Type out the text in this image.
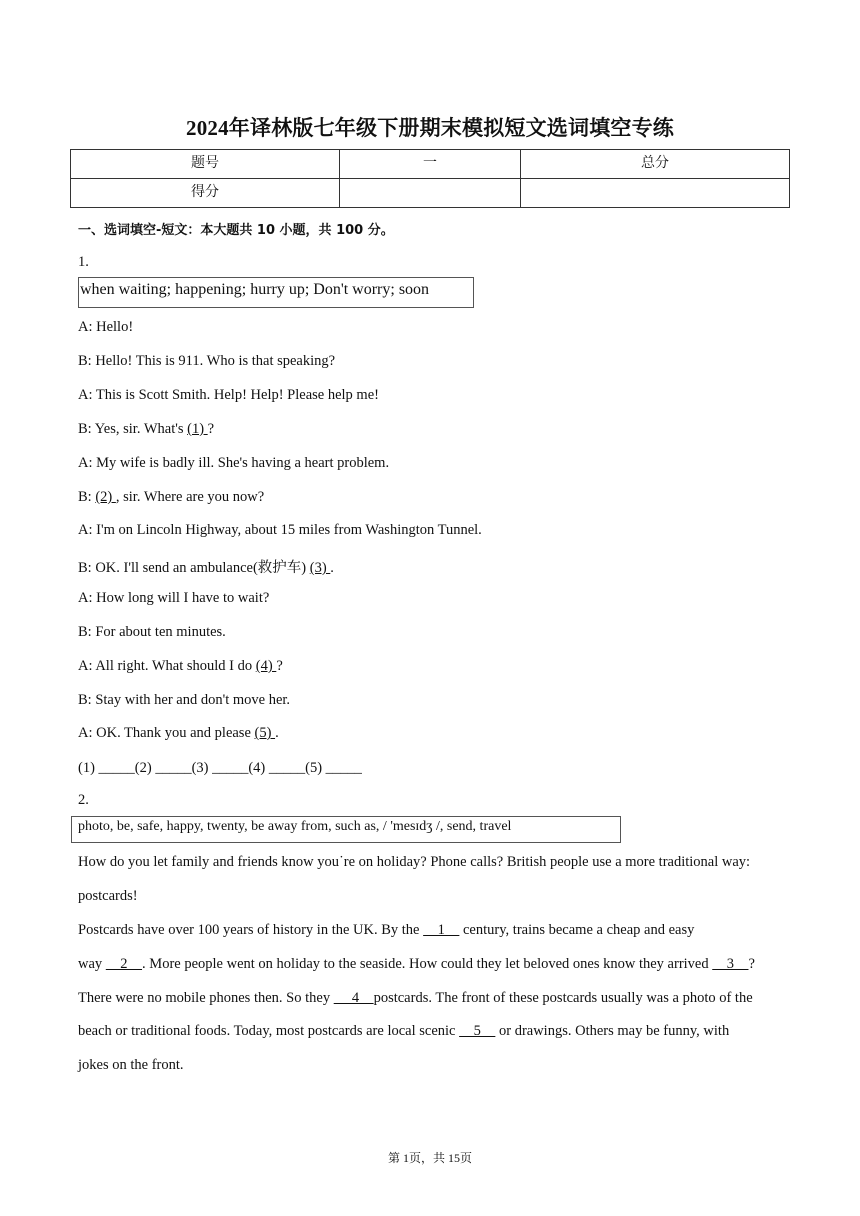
2024年译林版七年级下册期末模拟短文选词填空专练
题号	一	总分
得分		
一、选词填空-短文：本大题共 10 小题，共 100 分。
1.
when waiting; happening; hurry up; Don't worry; soon
A: Hello!
B: Hello! This is 911. Who is that speaking?
A: This is Scott Smith. Help! Help! Please help me!
B: Yes, sir. What's (1) ?
A: My wife is badly ill. She's having a heart problem.
B: (2) , sir. Where are you now?
A: I'm on Lincoln Highway, about 15 miles from Washington Tunnel.
B: OK. I'll send an ambulance(救护车) (3) .
A: How long will I have to wait?
B: For about ten minutes.
A: All right. What should I do (4) ?
B: Stay with her and don't move her.
A: OK. Thank you and please (5) .
(1) _____(2) _____(3) _____(4) _____(5) _____
2.
photo, be, safe, happy, twenty, be away from, such as, / 'mesɪdʒ /, send, travel
How do you let family and friends know you˙re on holiday? Phone calls? British people use a more traditional way:
postcards!
Postcards have over 100 years of history in the UK. By the     1     century, trains became a cheap and easy
way     2    . More people went on holiday to the seaside. How could they let beloved ones know they arrived     3    ?
There were no mobile phones then. So they      4    postcards. The front of these postcards usually was a photo of the
beach or traditional foods. Today, most postcards are local scenic     5     or drawings. Others may be funny, with
jokes on the front.
第 1页，共 15页
